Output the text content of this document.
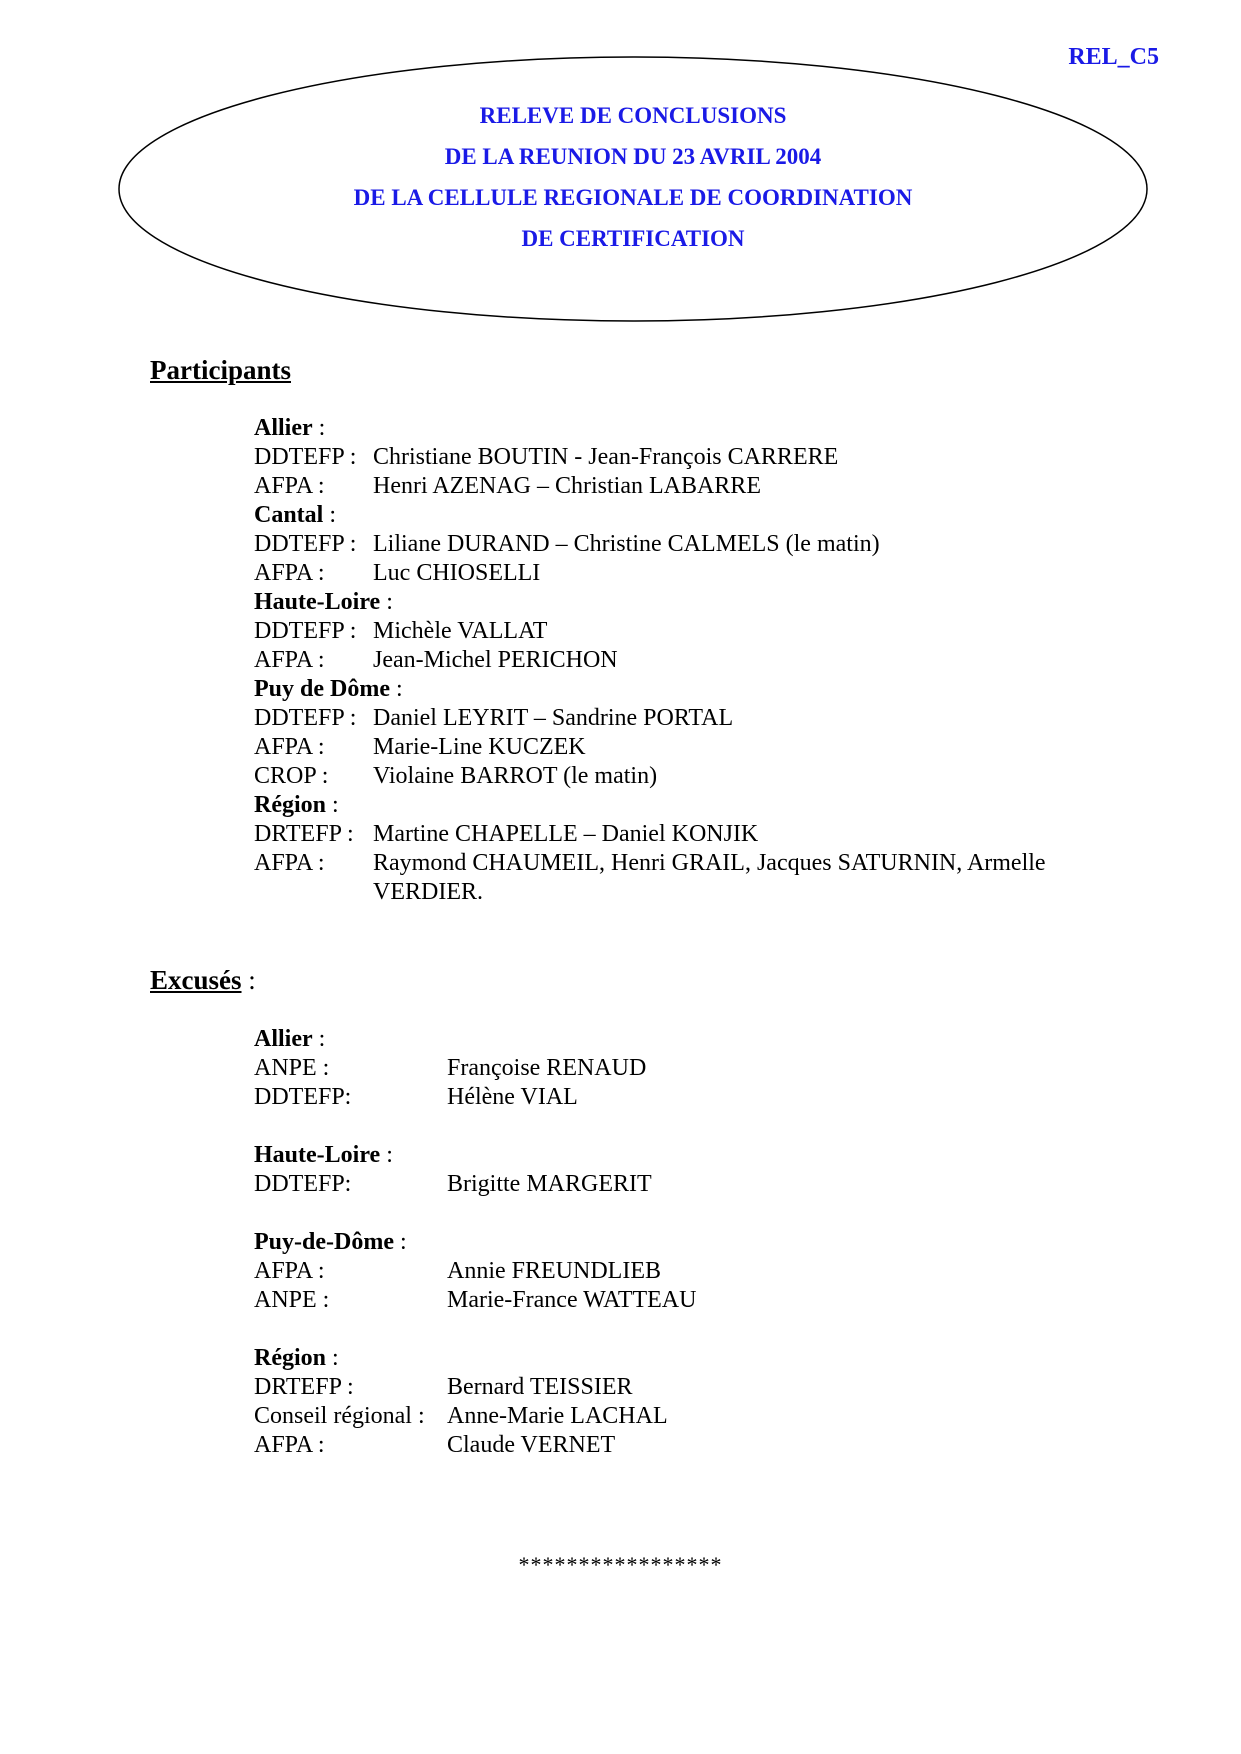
REL_C5
RELEVE DE CONCLUSIONS
DE LA REUNION DU 23 AVRIL 2004
DE LA CELLULE REGIONALE DE COORDINATION
DE CERTIFICATION
Participants
Allier :
DDTEFP : Christiane BOUTIN - Jean-François CARRERE
AFPA : Henri AZENAG – Christian LABARRE
Cantal :
DDTEFP : Liliane DURAND – Christine CALMELS (le matin)
AFPA : Luc CHIOSELLI
Haute-Loire :
DDTEFP : Michèle VALLAT
AFPA : Jean-Michel PERICHON
Puy de Dôme :
DDTEFP : Daniel LEYRIT – Sandrine PORTAL
AFPA : Marie-Line KUCZEK
CROP : Violaine BARROT (le matin)
Région :
DRTEFP : Martine CHAPELLE – Daniel KONJIK
AFPA : Raymond CHAUMEIL, Henri GRAIL, Jacques SATURNIN, Armelle VERDIER.
Excusés :
Allier :
ANPE :	Françoise RENAUD
DDTEFP:	Hélène VIAL
Haute-Loire :
DDTEFP:	Brigitte MARGERIT
Puy-de-Dôme :
AFPA :	Annie FREUNDLIEB
ANPE :	Marie-France WATTEAU
Région :
DRTEFP :	Bernard TEISSIER
Conseil régional : Anne-Marie LACHAL
AFPA :	Claude VERNET
*****************
